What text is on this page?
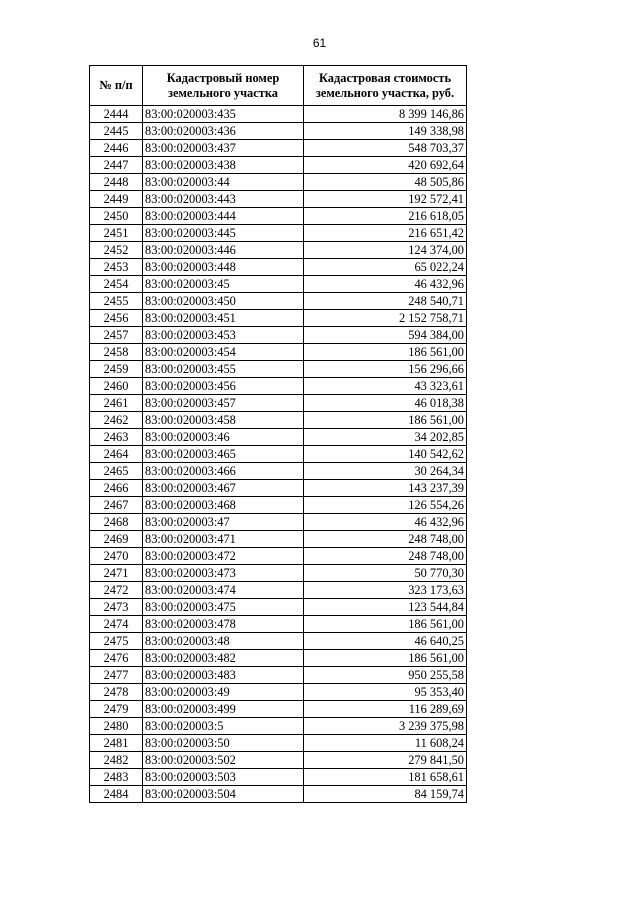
61
№ п/п	Кадастровый номер земельного участка	Кадастровая стоимость земельного участка, руб.
2444	83:00:020003:435	8 399 146,86
2445	83:00:020003:436	149 338,98
2446	83:00:020003:437	548 703,37
2447	83:00:020003:438	420 692,64
2448	83:00:020003:44	48 505,86
2449	83:00:020003:443	192 572,41
2450	83:00:020003:444	216 618,05
2451	83:00:020003:445	216 651,42
2452	83:00:020003:446	124 374,00
2453	83:00:020003:448	65 022,24
2454	83:00:020003:45	46 432,96
2455	83:00:020003:450	248 540,71
2456	83:00:020003:451	2 152 758,71
2457	83:00:020003:453	594 384,00
2458	83:00:020003:454	186 561,00
2459	83:00:020003:455	156 296,66
2460	83:00:020003:456	43 323,61
2461	83:00:020003:457	46 018,38
2462	83:00:020003:458	186 561,00
2463	83:00:020003:46	34 202,85
2464	83:00:020003:465	140 542,62
2465	83:00:020003:466	30 264,34
2466	83:00:020003:467	143 237,39
2467	83:00:020003:468	126 554,26
2468	83:00:020003:47	46 432,96
2469	83:00:020003:471	248 748,00
2470	83:00:020003:472	248 748,00
2471	83:00:020003:473	50 770,30
2472	83:00:020003:474	323 173,63
2473	83:00:020003:475	123 544,84
2474	83:00:020003:478	186 561,00
2475	83:00:020003:48	46 640,25
2476	83:00:020003:482	186 561,00
2477	83:00:020003:483	950 255,58
2478	83:00:020003:49	95 353,40
2479	83:00:020003:499	116 289,69
2480	83:00:020003:5	3 239 375,98
2481	83:00:020003:50	11 608,24
2482	83:00:020003:502	279 841,50
2483	83:00:020003:503	181 658,61
2484	83:00:020003:504	84 159,74
